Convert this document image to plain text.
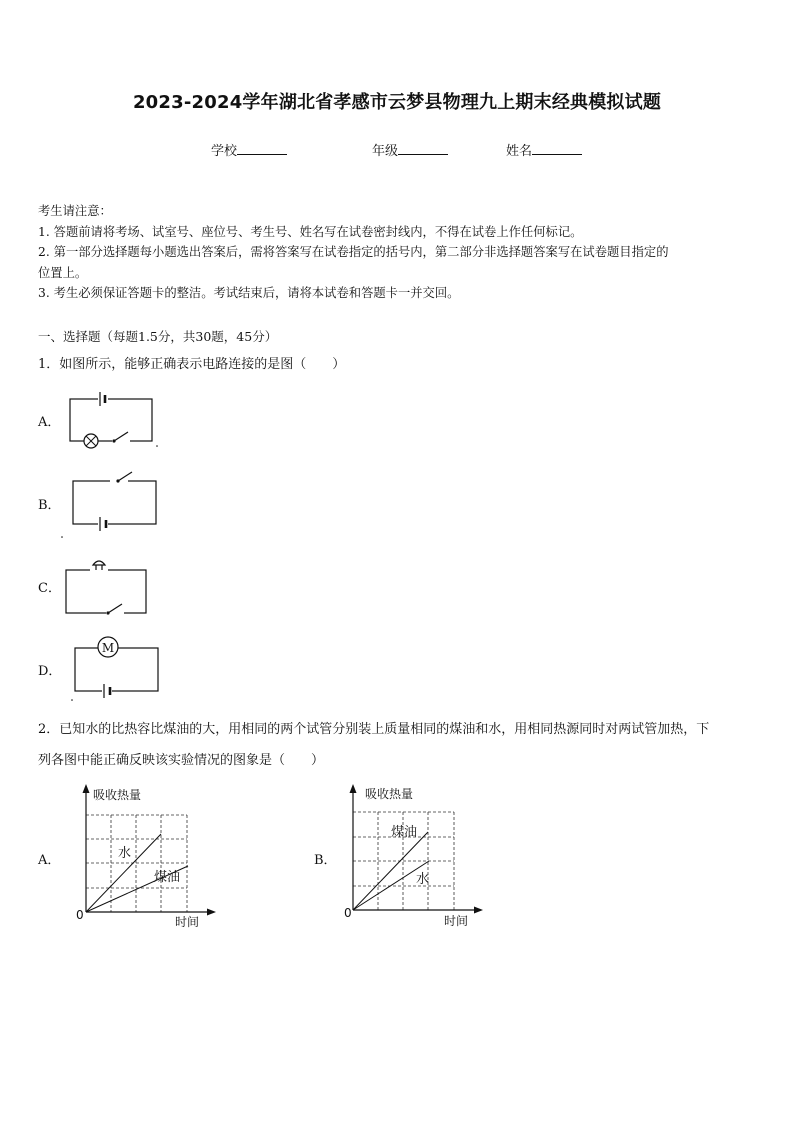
2023-2024学年湖北省孝感市云梦县物理九上期末经典模拟试题
学校	年级	姓名
考生请注意：
1. 答题前请将考场、试室号、座位号、考生号、姓名写在试卷密封线内，不得在试卷上作任何标记。
2. 第一部分选择题每小题选出答案后，需将答案写在试卷指定的括号内，第二部分非选择题答案写在试卷题目指定的
位置上。
3. 考生必须保证答题卡的整洁。考试结束后，请将本试卷和答题卡一并交回。
一、选择题（每题1.5分，共30题，45分）
1．如图所示，能够正确表示电路连接的是图（　　）
A．
B．
C．
D．
M
2．已知水的比热容比煤油的大，用相同的两个试管分别装上质量相同的煤油和水，用相同热源同时对两试管加热，下
列各图中能正确反映该实验情况的图象是（　　）
A．
吸收热量
时间
0
水
煤油
B．
吸收热量
时间
0
煤油
水
